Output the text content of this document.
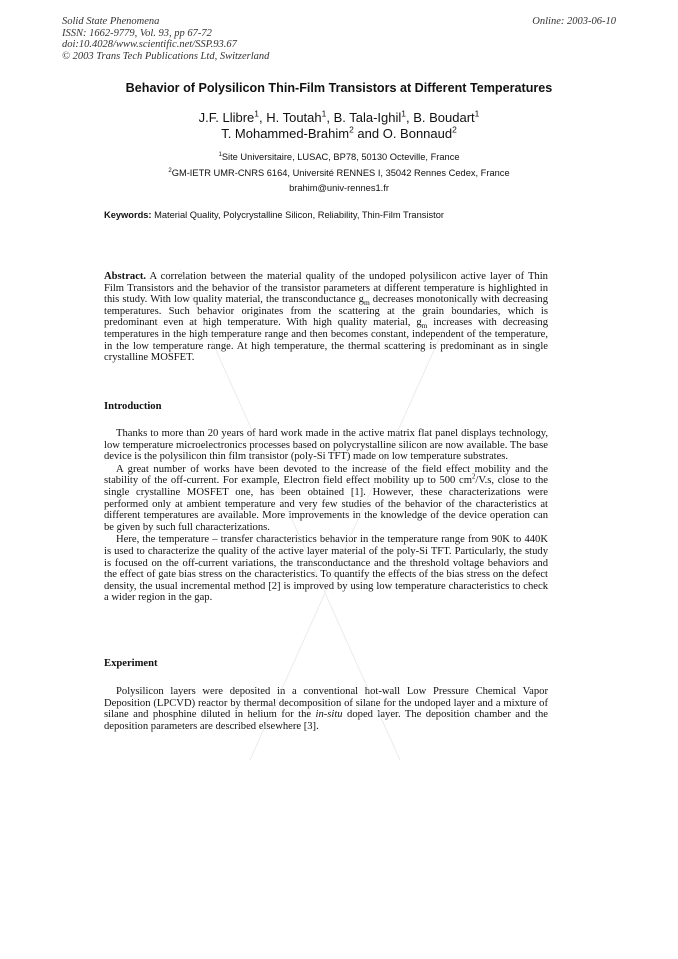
Solid State Phenomena
ISSN: 1662-9779, Vol. 93, pp 67-72
doi:10.4028/www.scientific.net/SSP.93.67
© 2003 Trans Tech Publications Ltd, Switzerland
Online: 2003-06-10
Behavior of Polysilicon Thin-Film Transistors at Different Temperatures
J.F. Llibre$^1$, H. Toutah$^1$, B. Tala-Ighil$^1$, B. Boudart$^1$
T. Mohammed-Brahim$^2$ and O. Bonnaud$^2$
$^1$Site Universitaire, LUSAC, BP78, 50130 Octeville, France
$^2$GM-IETR UMR-CNRS 6164, Université RENNES I, 35042 Rennes Cedex, France
brahim@univ-rennes1.fr
Keywords: Material Quality, Polycrystalline Silicon, Reliability, Thin-Film Transistor
Abstract. A correlation between the material quality of the undoped polysilicon active layer of Thin Film Transistors and the behavior of the transistor parameters at different temperature is highlighted in this study. With low quality material, the transconductance $g_m$ decreases monotonically with decreasing temperatures. Such behavior originates from the scattering at the grain boundaries, which is predominant even at high temperature. With high quality material, $g_m$ increases with decreasing temperatures in the high temperature range and then becomes constant, independent of the temperature, in the low temperature range. At high temperature, the thermal scattering is predominant as in single crystalline MOSFET.
Introduction

Thanks to more than 20 years of hard work made in the active matrix flat panel displays technology, low temperature microelectronics processes based on polycrystalline silicon are now available. The base device is the polysilicon thin film transistor (poly-Si TFT) made on low temperature substrates.

A great number of works have been devoted to the increase of the field effect mobility and the stability of the off-current. For example, Electron field effect mobility up to 500 $cm^2/V.s$, close to the single crystalline MOSFET one, has been obtained [1]. However, these characterizations were performed only at ambient temperature and very few studies of the behavior of the characteristics at different temperatures are available. More improvements in the knowledge of the device operation can be given by such full characterizations.

Here, the temperature – transfer characteristics behavior in the temperature range from 90K to 440K is used to characterize the quality of the active layer material of the poly-Si TFT. Particularly, the study is focused on the off-current variations, the transconductance and the threshold voltage behaviors and the effect of gate bias stress on the characteristics. To quantify the effects of the bias stress on the defect density, the usual incremental method [2] is improved by using low temperature characteristics to check a wider region in the gap.

Experiment

Polysilicon layers were deposited in a conventional hot-wall Low Pressure Chemical Vapor Deposition (LPCVD) reactor by thermal decomposition of silane for the undoped layer and a mixture of silane and phosphine diluted in helium for the in-situ doped layer. The deposition chamber and the deposition parameters are described elsewhere [3].
